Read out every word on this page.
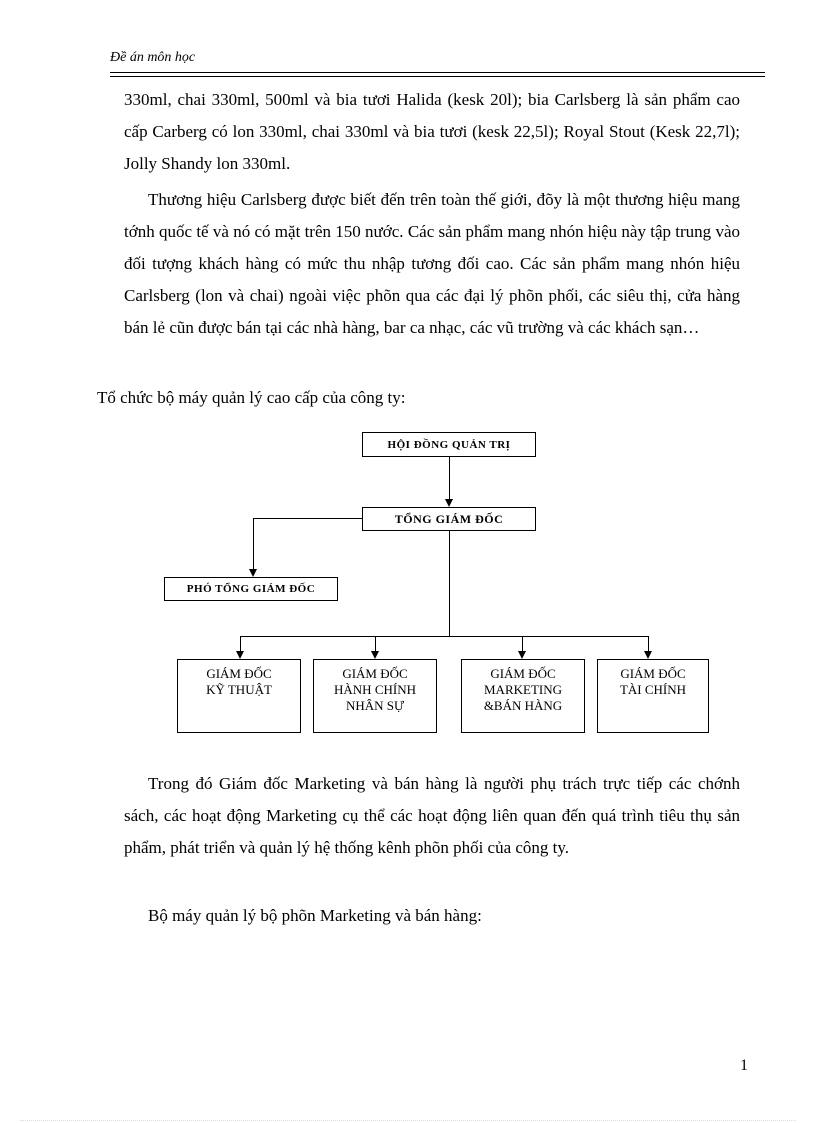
Đề án môn học

330ml, chai 330ml, 500ml và bia tươi Halida (kesk 20l); bia Carlsberg là sản phẩm cao cấp Carberg có lon 330ml, chai 330ml và bia tươi (kesk 22,5l); Royal Stout (Kesk 22,7l); Jolly Shandy lon 330ml.

Thương hiệu Carlsberg được biết đến trên toàn thế giới, đõy là một thương hiệu mang tớnh quốc tế và nó có mặt trên 150 nước. Các sản phẩm mang nhón hiệu này tập trung vào đối tượng khách hàng có mức thu nhập tương đối cao. Các sản phẩm mang nhón hiệu Carlsberg (lon và chai) ngoài việc phõn qua các đại lý phõn phối, các siêu thị, cửa hàng bán lẻ cũn được bán tại các nhà hàng, bar ca nhạc, các vũ trường và các khách sạn…

Tổ chức bộ máy quản lý cao cấp của công ty:

HỘI ĐỒNG QUẢN TRỊ
TỔNG GIÁM ĐỐC
PHÓ TỔNG GIÁM ĐỐC
GIÁM ĐỐC
KỸ THUẬT
GIÁM ĐỐC
HÀNH CHÍNH
NHÂN SỰ
GIÁM ĐỐC
MARKETING
&BÁN HÀNG
GIÁM ĐỐC
TÀI CHÍNH

Trong đó Giám đốc Marketing và bán hàng là người phụ trách trực tiếp các chớnh sách, các hoạt động Marketing cụ thể các hoạt động liên quan đến quá trình tiêu thụ sản phẩm, phát triển và quản lý hệ thống kênh phõn phối của công ty.

Bộ máy quản lý bộ phõn Marketing và bán hàng:

1
